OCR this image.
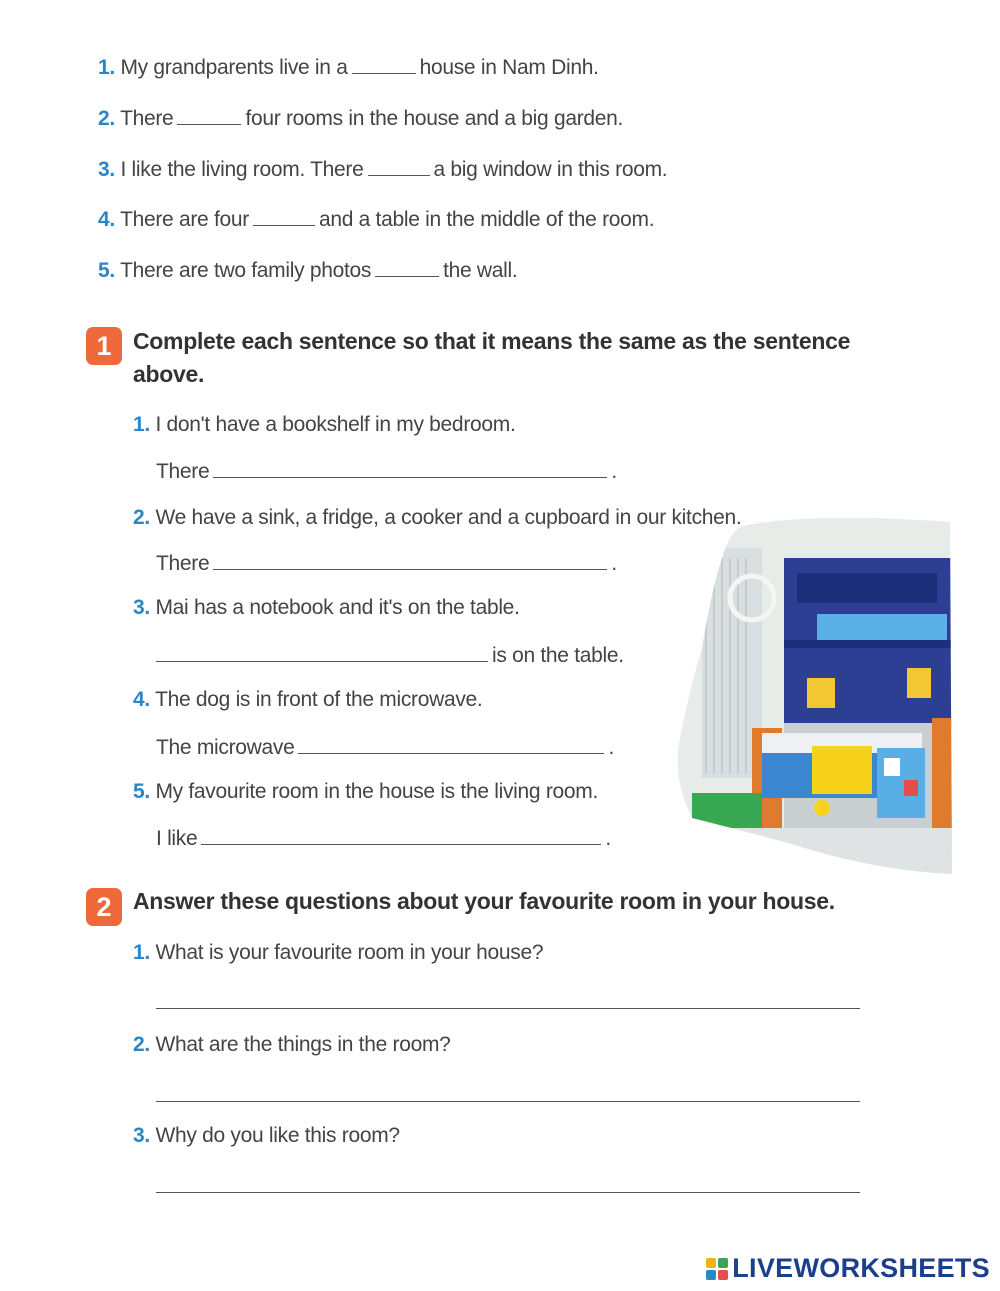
1. My grandparents live in a	house in Nam Dinh.
2. There	four rooms in the house and a big garden.
3. I like the living room. There	a big window in this room.
4. There are four	and a table in the middle of the room.
5. There are two family photos	the wall.
1 Complete each sentence so that it means the same as the sentence
above.
1. I don't have a bookshelf in my bedroom.
There	.
2. We have a sink, a fridge, a cooker and a cupboard in our kitchen.
There	.
3. Mai has a notebook and it's on the table.
is on the table.
4. The dog is in front of the microwave.
The microwave	.
5. My favourite room in the house is the living room.
I like	.
2 Answer these questions about your favourite room in your house.
1. What is your favourite room in your house?
2. What are the things in the room?
3. Why do you like this room?
LIVEWORKSHEETS
